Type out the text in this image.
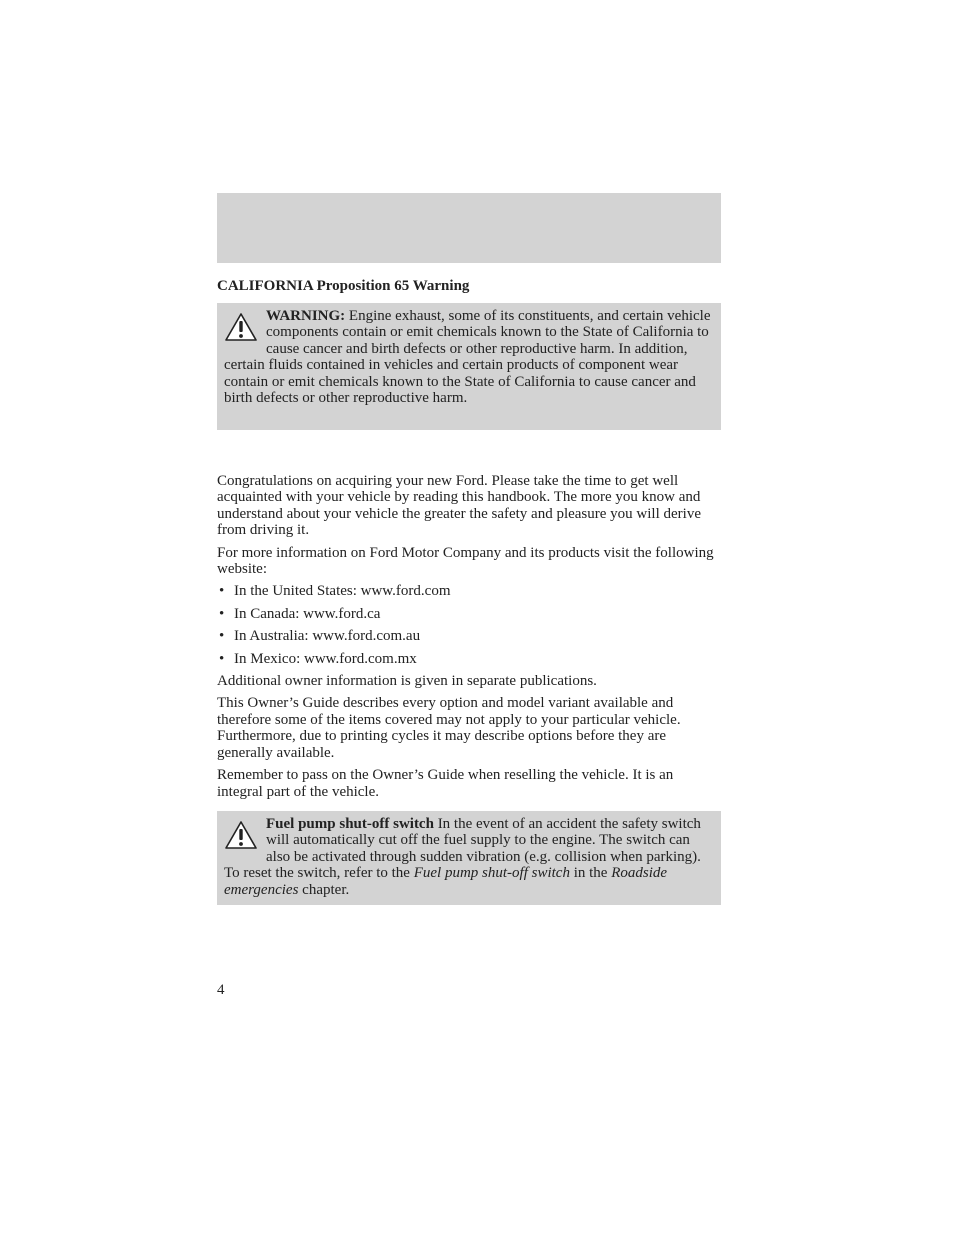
CALIFORNIA Proposition 65 Warning
WARNING: Engine exhaust, some of its constituents, and certain vehicle components contain or emit chemicals known to the State of California to cause cancer and birth defects or other reproductive harm. In addition, certain fluids contained in vehicles and certain products of component wear contain or emit chemicals known to the State of California to cause cancer and birth defects or other reproductive harm.

Congratulations on acquiring your new Ford. Please take the time to get well acquainted with your vehicle by reading this handbook. The more you know and understand about your vehicle the greater the safety and pleasure you will derive from driving it.

For more information on Ford Motor Company and its products visit the following website:

• In the United States: www.ford.com
• In Canada: www.ford.ca
• In Australia: www.ford.com.au
• In Mexico: www.ford.com.mx

Additional owner information is given in separate publications.

This Owner’s Guide describes every option and model variant available and therefore some of the items covered may not apply to your particular vehicle. Furthermore, due to printing cycles it may describe options before they are generally available.

Remember to pass on the Owner’s Guide when reselling the vehicle. It is an integral part of the vehicle.

Fuel pump shut-off switch In the event of an accident the safety switch will automatically cut off the fuel supply to the engine. The switch can also be activated through sudden vibration (e.g. collision when parking). To reset the switch, refer to the Fuel pump shut-off switch in the Roadside emergencies chapter.
4
